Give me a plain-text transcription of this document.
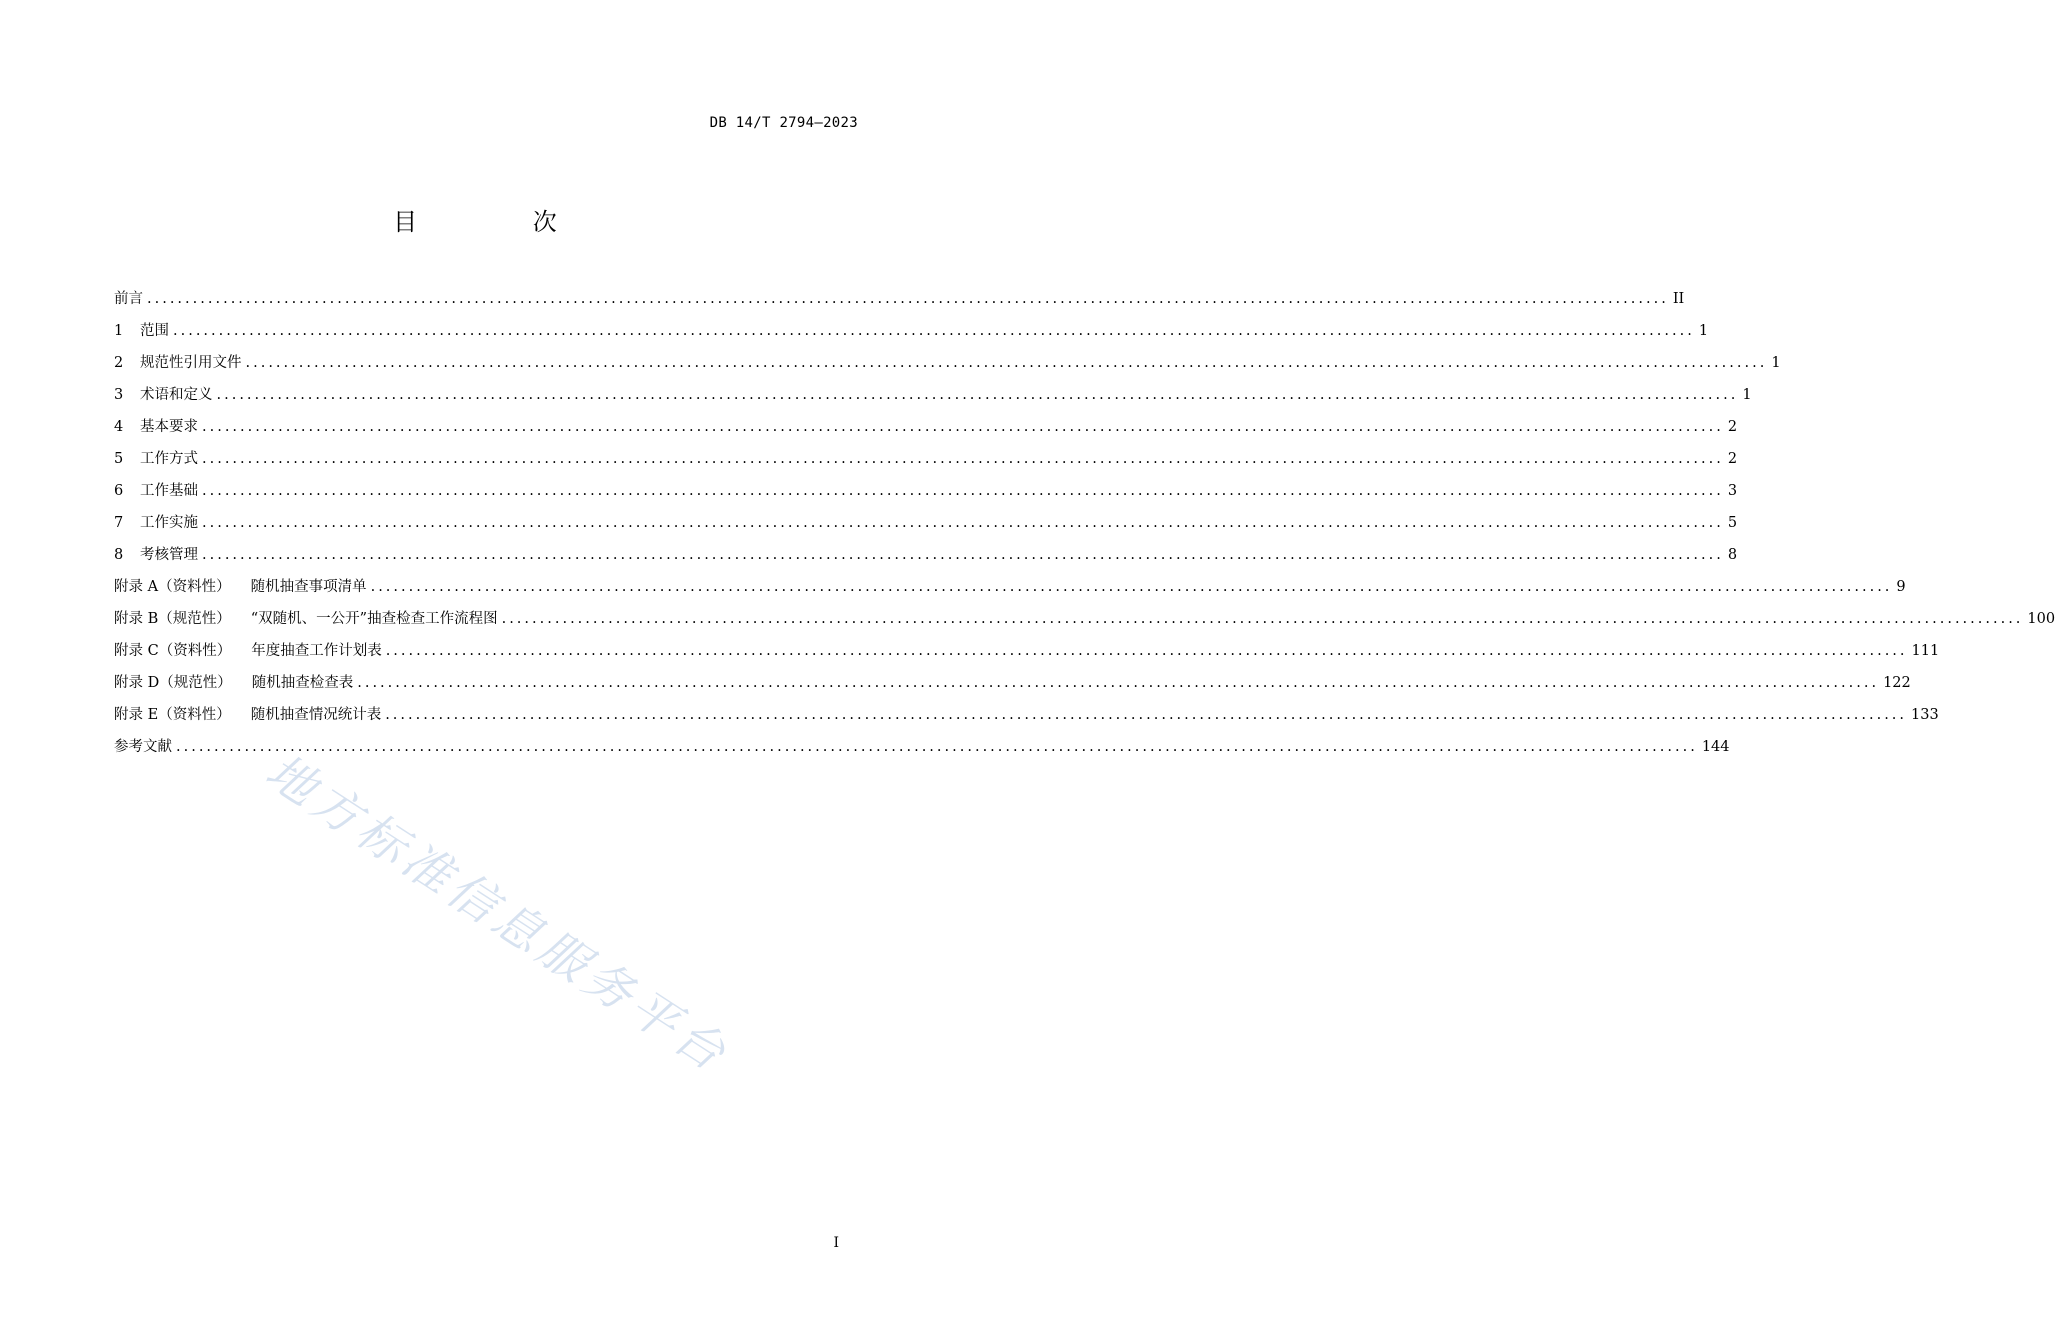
DB 14/T 2794—2023
目 次
前言 ........................................................................................................................................................................................................ II
1	范围 ........................................................................................................................................................................................................ 1
2	规范性引用文件 ........................................................................................................................................................................................................ 1
3	术语和定义 ........................................................................................................................................................................................................ 1
4	基本要求 ........................................................................................................................................................................................................ 2
5	工作方式 ........................................................................................................................................................................................................ 2
6	工作基础 ........................................................................................................................................................................................................ 3
7	工作实施 ........................................................................................................................................................................................................ 5
8	考核管理 ........................................................................................................................................................................................................ 8
附录 A（资料性） 随机抽查事项清单 ........................................................................................................................................................................................................ 9
附录 B（规范性） “双随机、一公开”抽查检查工作流程图 ........................................................................................................................................................................................................ 100
附录 C（资料性） 年度抽查工作计划表 ........................................................................................................................................................................................................ 111
附录 D（规范性） 随机抽查检查表 ........................................................................................................................................................................................................ 122
附录 E（资料性） 随机抽查情况统计表 ........................................................................................................................................................................................................ 133
参考文献 ........................................................................................................................................................................................................ 144
地方标准信息服务平台
I
